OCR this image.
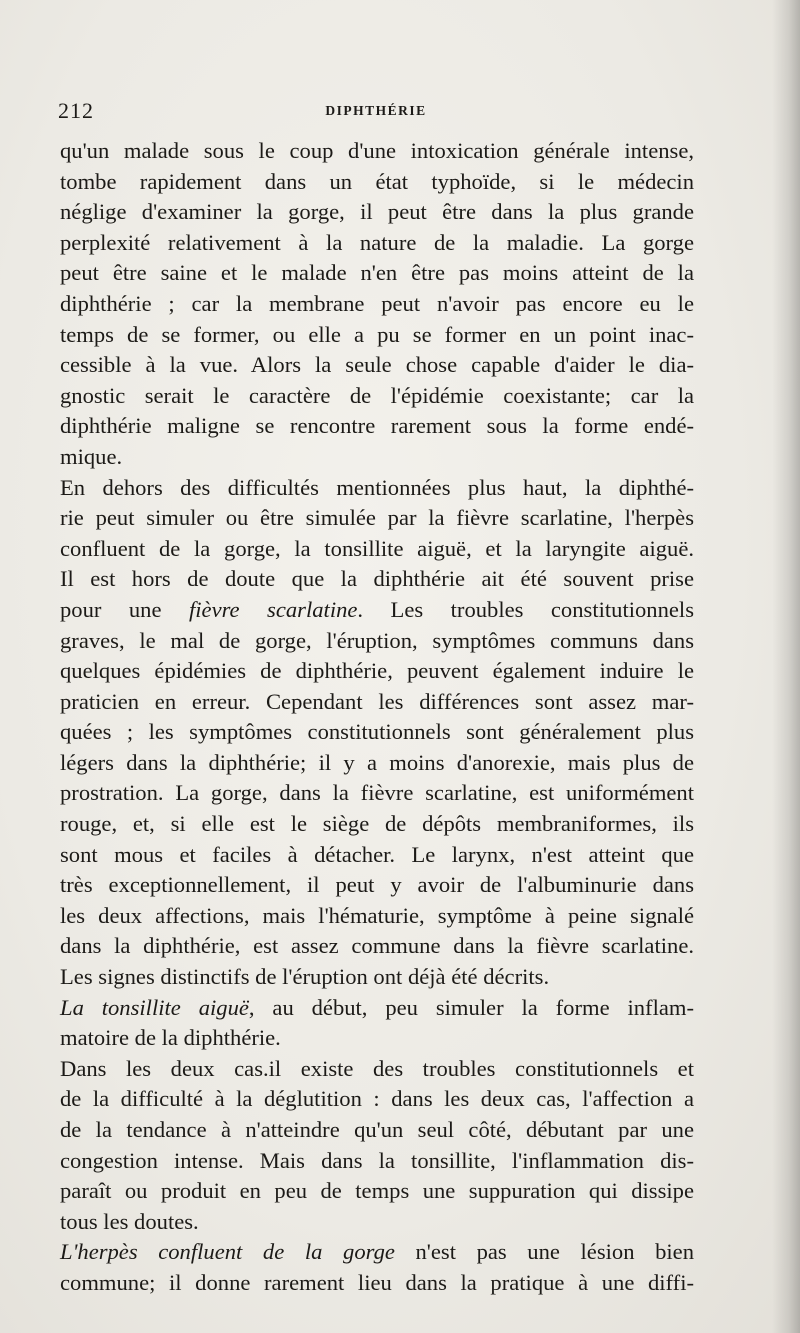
212	DIPHTHÉRIE
qu'un malade sous le coup d'une intoxication générale intense,
tombe rapidement dans un état typhoïde, si le médecin
néglige d'examiner la gorge, il peut être dans la plus grande
perplexité relativement à la nature de la maladie. La gorge
peut être saine et le malade n'en être pas moins atteint de la
diphthérie ; car la membrane peut n'avoir pas encore eu le
temps de se former, ou elle a pu se former en un point inac-
cessible à la vue. Alors la seule chose capable d'aider le dia-
gnostic serait le caractère de l'épidémie coexistante; car la
diphthérie maligne se rencontre rarement sous la forme endé-
mique.
En dehors des difficultés mentionnées plus haut, la diphthé-
rie peut simuler ou être simulée par la fièvre scarlatine, l'herpès
confluent de la gorge, la tonsillite aiguë, et la laryngite aiguë.
Il est hors de doute que la diphthérie ait été souvent prise
pour une fièvre scarlatine. Les troubles constitutionnels
graves, le mal de gorge, l'éruption, symptômes communs dans
quelques épidémies de diphthérie, peuvent également induire le
praticien en erreur. Cependant les différences sont assez mar-
quées ; les symptômes constitutionnels sont généralement plus
légers dans la diphthérie; il y a moins d'anorexie, mais plus de
prostration. La gorge, dans la fièvre scarlatine, est uniformément
rouge, et, si elle est le siège de dépôts membraniformes, ils
sont mous et faciles à détacher. Le larynx, n'est atteint que
très exceptionnellement, il peut y avoir de l'albuminurie dans
les deux affections, mais l'hématurie, symptôme à peine signalé
dans la diphthérie, est assez commune dans la fièvre scarlatine.
Les signes distinctifs de l'éruption ont déjà été décrits.
La tonsillite aiguë, au début, peu simuler la forme inflam-
matoire de la diphthérie.
Dans les deux cas.il existe des troubles constitutionnels et
de la difficulté à la déglutition : dans les deux cas, l'affection a
de la tendance à n'atteindre qu'un seul côté, débutant par une
congestion intense. Mais dans la tonsillite, l'inflammation dis-
paraît ou produit en peu de temps une suppuration qui dissipe
tous les doutes.
L'herpès confluent de la gorge n'est pas une lésion bien
commune; il donne rarement lieu dans la pratique à une diffi-
